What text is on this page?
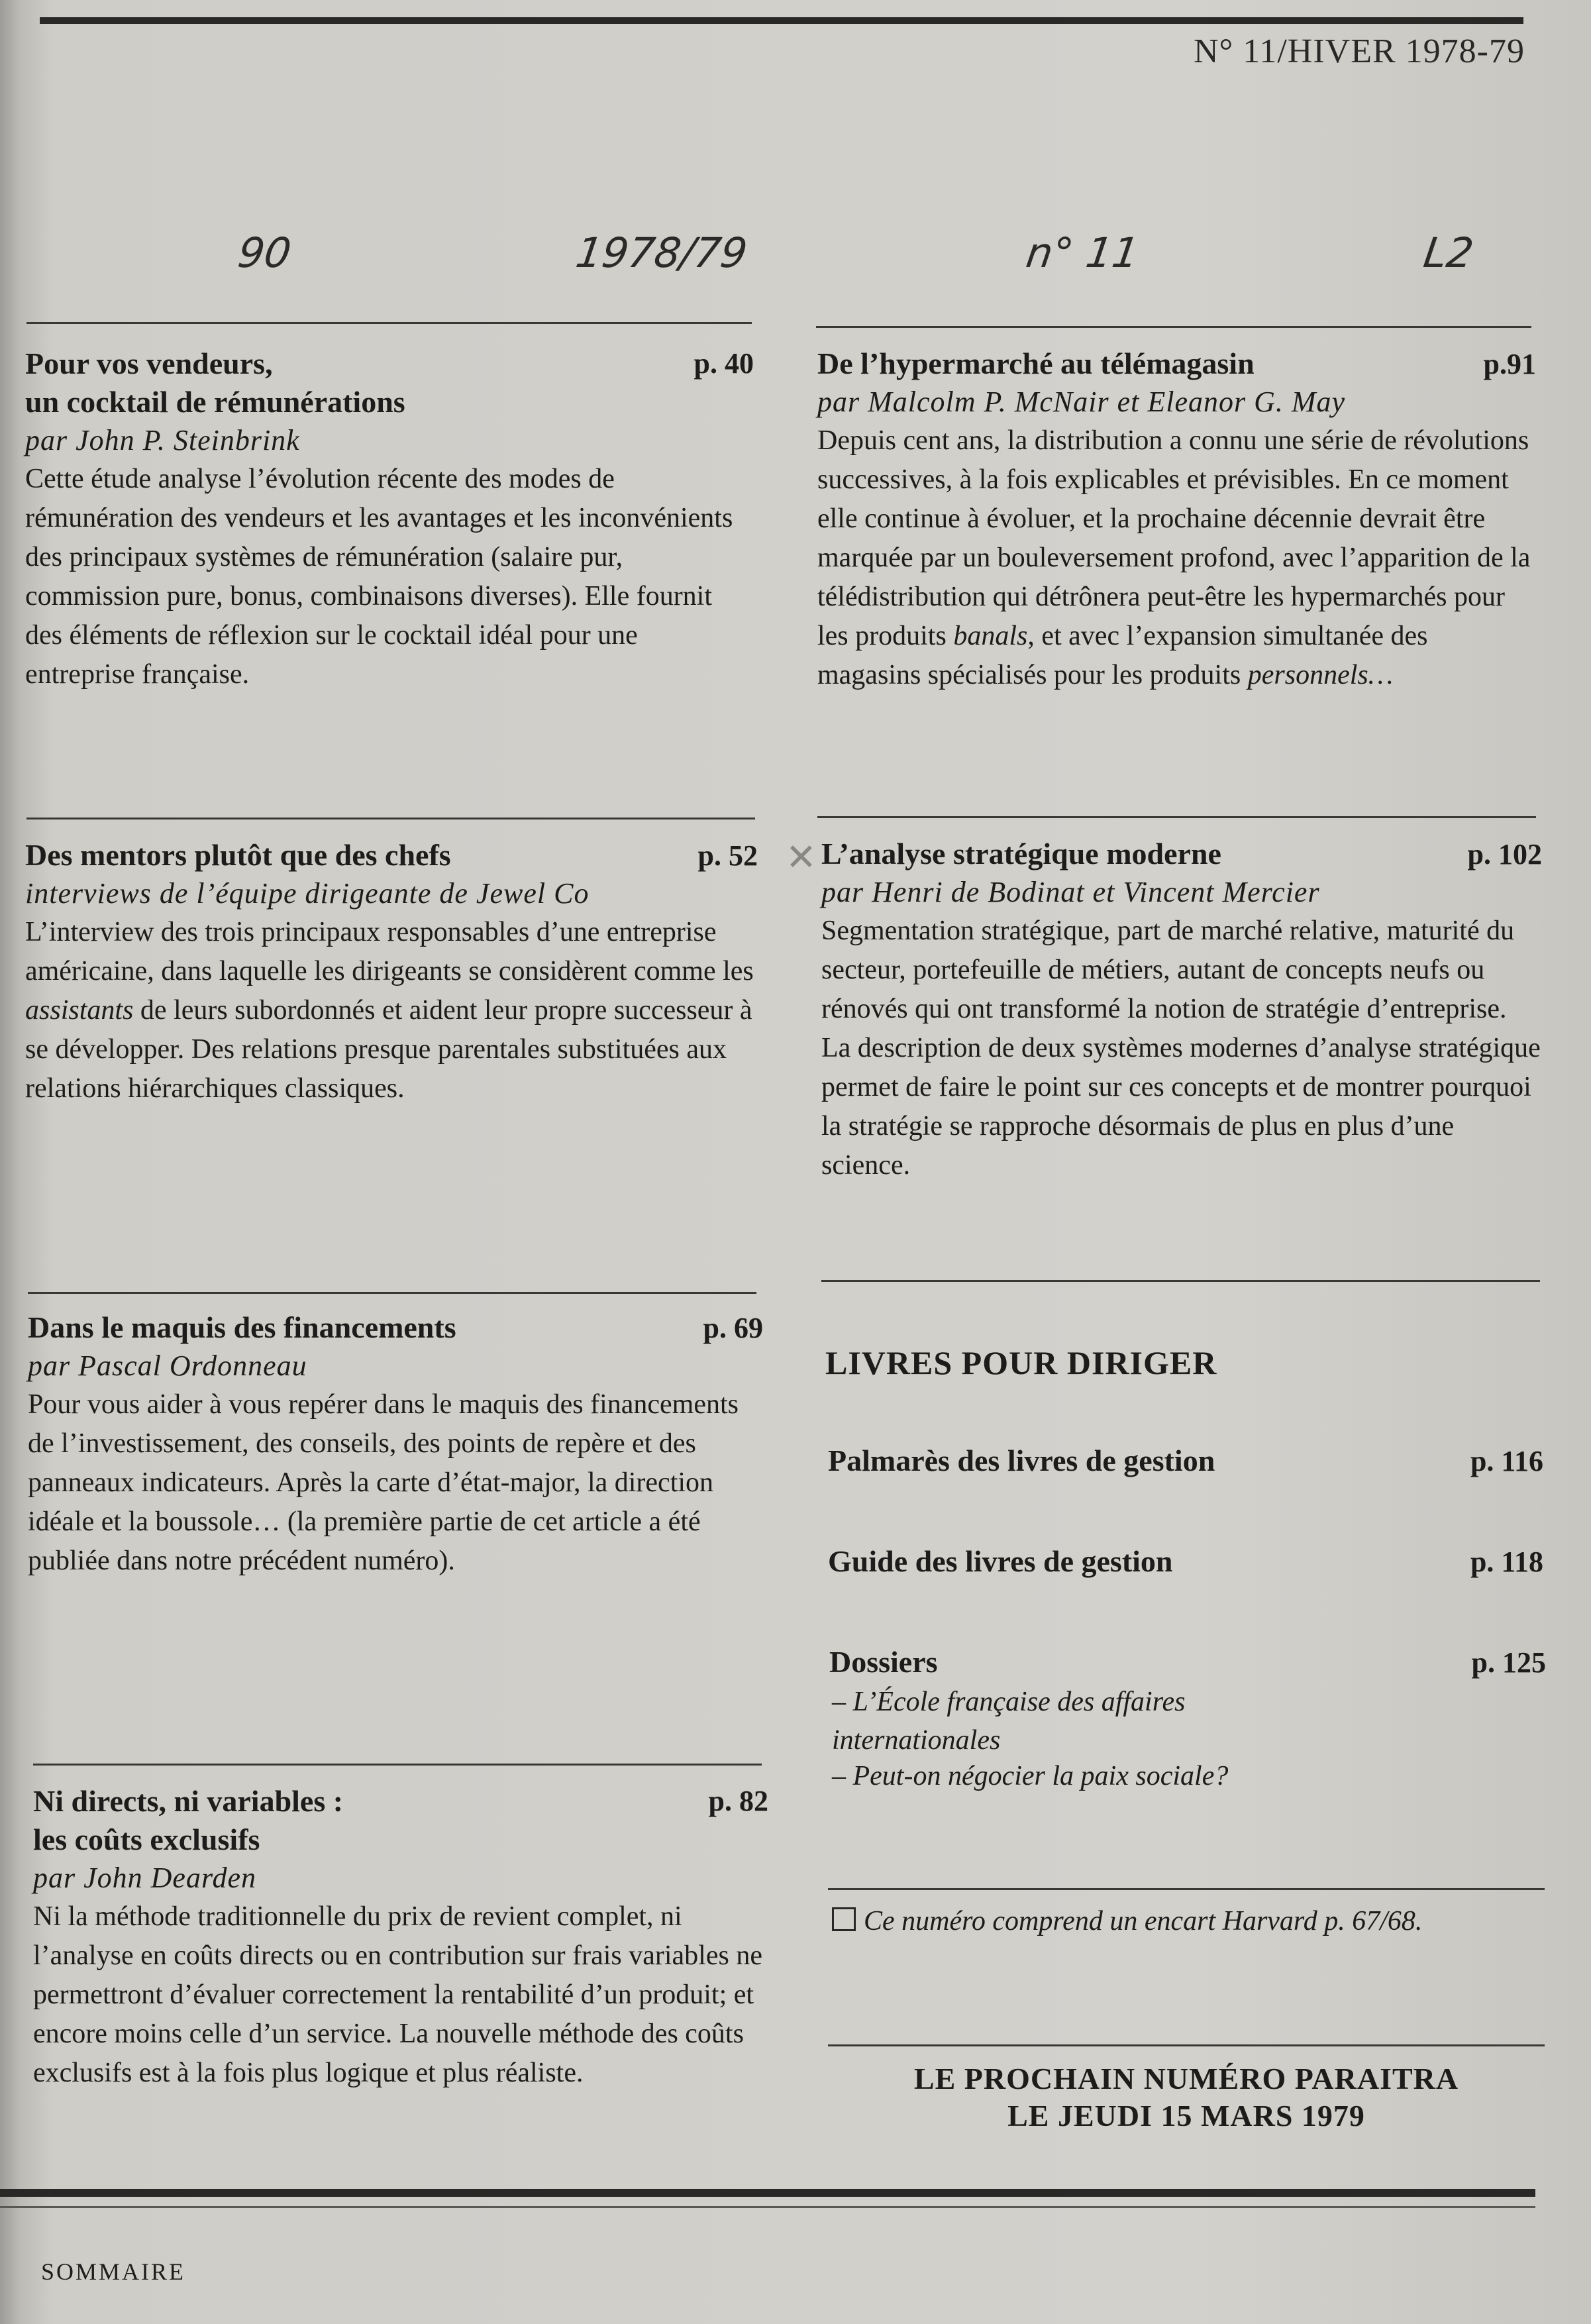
N° 11/HIVER 1978-79
90	1978/79	n° 11	L2
Pour vos vendeurs,
un cocktail de rémunérations
p. 40
par John P. Steinbrink

Cette étude analyse l’évolution récente des modes de rémunération des vendeurs et les avantages et les inconvénients des principaux systèmes de rémunération (salaire pur, commission pure, bonus, combinaisons diverses). Elle fournit des éléments de réflexion sur le cocktail idéal pour une entreprise française.

Des mentors plutôt que des chefs	p. 52
interviews de l’équipe dirigeante de Jewel Co

L’interview des trois principaux responsables d’une entreprise américaine, dans laquelle les dirigeants se considèrent comme les assistants de leurs subordonnés et aident leur propre successeur à se développer. Des relations presque parentales substituées aux relations hiérarchiques classiques.

Dans le maquis des financements	p. 69
par Pascal Ordonneau

Pour vous aider à vous repérer dans le maquis des financements de l’investissement, des conseils, des points de repère et des panneaux indicateurs. Après la carte d’état-major, la direction idéale et la boussole… (la première partie de cet article a été publiée dans notre précédent numéro).

Ni directs, ni variables :
les coûts exclusifs
p. 82
par John Dearden

Ni la méthode traditionnelle du prix de revient complet, ni l’analyse en coûts directs ou en contribution sur frais variables ne permettront d’évaluer correctement la rentabilité d’un produit; et encore moins celle d’un service. La nouvelle méthode des coûts exclusifs est à la fois plus logique et plus réaliste.

De l’hypermarché au télémagasin	p.91
par Malcolm P. McNair et Eleanor G. May

Depuis cent ans, la distribution a connu une série de révolutions successives, à la fois explicables et prévisibles. En ce moment elle continue à évoluer, et la prochaine décennie devrait être marquée par un bouleversement profond, avec l’apparition de la télédistribution qui détrônera peut-être les hypermarchés pour les produits banals, et avec l’expansion simultanée des magasins spécialisés pour les produits personnels…

✕ L’analyse stratégique moderne	p. 102
par Henri de Bodinat et Vincent Mercier

Segmentation stratégique, part de marché relative, maturité du secteur, portefeuille de métiers, autant de concepts neufs ou rénovés qui ont transformé la notion de stratégie d’entreprise. La description de deux systèmes modernes d’analyse stratégique permet de faire le point sur ces concepts et de montrer pourquoi la stratégie se rapproche désormais de plus en plus d’une science.

LIVRES POUR DIRIGER
Palmarès des livres de gestion	p. 116
Guide des livres de gestion	p. 118
Dossiers	p. 125
– L’École française des affaires internationales
– Peut-on négocier la paix sociale?
Ce numéro comprend un encart Harvard p. 67/68.
LE PROCHAIN NUMÉRO PARAITRA
LE JEUDI 15 MARS 1979
SOMMAIRE
